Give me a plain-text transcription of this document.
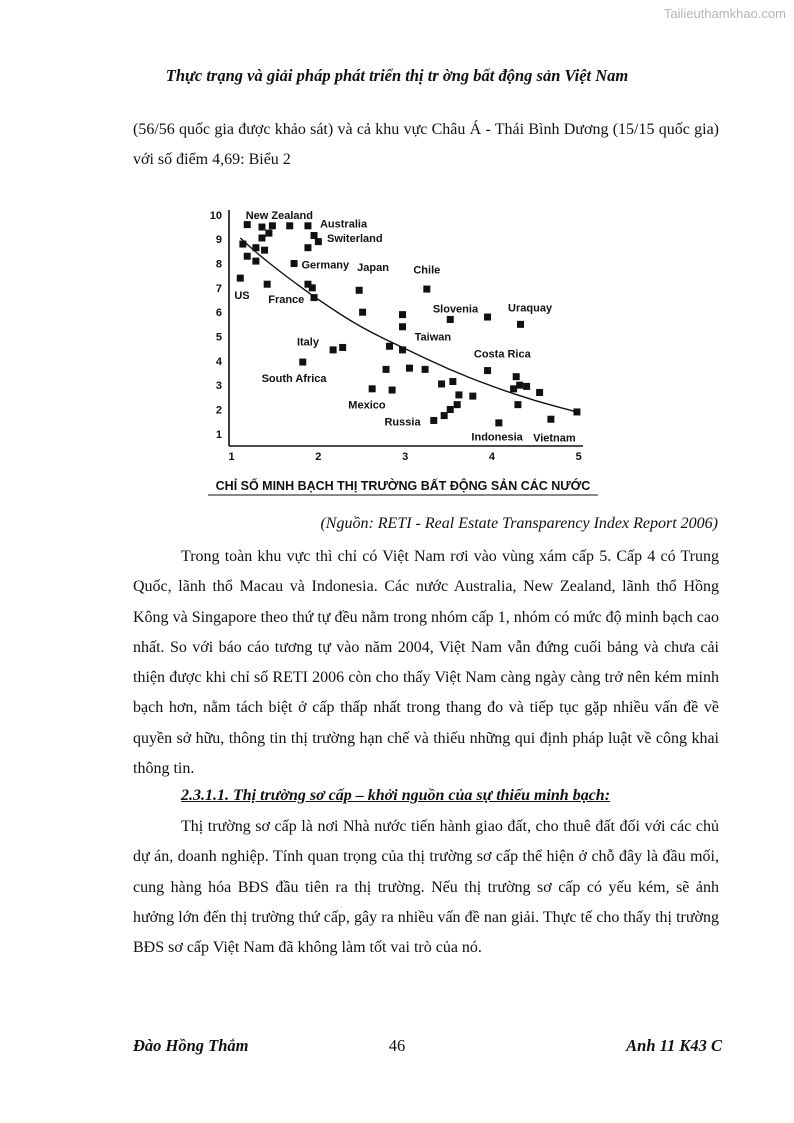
Tailieuthamkhao.com
Thực trạng và giải pháp phát triển thị tr ờng bất động sản Việt Nam

(56/56 quốc gia được khảo sát) và cả khu vực Châu Á - Thái Bình Dương (15/15 quốc gia) với số điểm 4,69: Biểu 2

New Zealand
Australia
Switerland
Germany Japan Chile
US France
Slovenia	Uraquay
Taiwan
Italy
Costa Rica
South Africa
Mexico
Russia
Indonesia Vietnam
1	2	3	4	5
1
2
3
4
5
6
7
8
9
10
CHỈ SỐ MINH BẠCH THỊ TRƯỜNG BẤT ĐỘNG SẢN CÁC NƯỚC

(Nguồn: RETI - Real Estate Transparency Index Report 2006)

Trong toàn khu vực thì chỉ có Việt Nam rơi vào vùng xám cấp 5. Cấp 4 có Trung Quốc, lãnh thổ Macau và Indonesia. Các nước Australia, New Zealand, lãnh thổ Hồng Kông và Singapore theo thứ tự đều nằm trong nhóm cấp 1, nhóm có mức độ minh bạch cao nhất. So với báo cáo tương tự vào năm 2004, Việt Nam vẫn đứng cuối bảng và chưa cải thiện được khi chỉ số RETI 2006 còn cho thấy Việt Nam càng ngày càng trở nên kém minh bạch hơn, nằm tách biệt ở cấp thấp nhất trong thang đo và tiếp tục gặp nhiều vấn đề về quyền sở hữu, thông tin thị trường hạn chế và thiếu những qui định pháp luật về công khai thông tin.

2.3.1.1. Thị trường sơ cấp – khởi nguồn của sự thiếu minh bạch:

Thị trường sơ cấp là nơi Nhà nước tiến hành giao đất, cho thuê đất đối với các chủ dự án, doanh nghiệp. Tính quan trọng của thị trường sơ cấp thể hiện ở chỗ đây là đầu mối, cung hàng hóa BĐS đầu tiên ra thị trường. Nếu thị trường sơ cấp có yếu kém, sẽ ảnh hưởng lớn đến thị trường thứ cấp, gây ra nhiều vấn đề nan giải. Thực tế cho thấy thị trường BĐS sơ cấp Việt Nam đã không làm tốt vai trò của nó.

Đào Hồng Thắm	46	Anh 11 K43 C
